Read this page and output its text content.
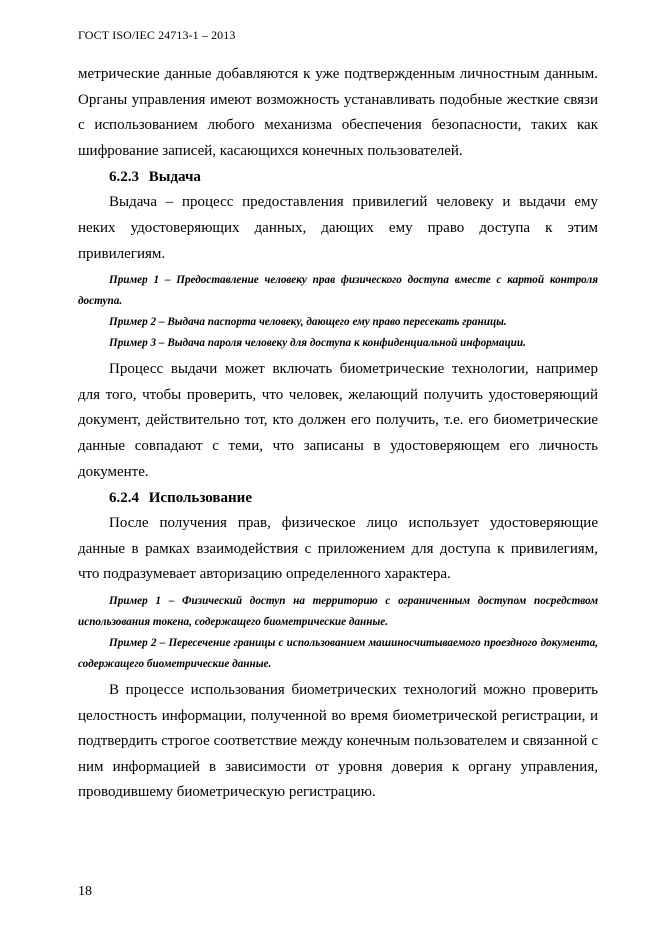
ГОСТ ISO/IEC 24713-1 – 2013

метрические данные добавляются к уже подтвержденным личностным данным. Органы управления имеют возможность устанавливать подобные жесткие связи с использованием любого механизма обеспечения безопасности, таких как шифрование записей, касающихся конечных пользователей.

6.2.3 Выдача

Выдача – процесс предоставления привилегий человеку и выдачи ему неких удостоверяющих данных, дающих ему право доступа к этим привилегиям.

Пример 1 – Предоставление человеку прав физического доступа вместе с картой контроля доступа.

Пример 2 – Выдача паспорта человеку, дающего ему право пересекать границы.

Пример 3 – Выдача пароля человеку для доступа к конфиденциальной информации.

Процесс выдачи может включать биометрические технологии, например для того, чтобы проверить, что человек, желающий получить удостоверяющий документ, действительно тот, кто должен его получить, т.е. его биометрические данные совпадают с теми, что записаны в удостоверяющем его личность документе.

6.2.4 Использование

После получения прав, физическое лицо использует удостоверяющие данные в рамках взаимодействия с приложением для доступа к привилегиям, что подразумевает авторизацию определенного характера.

Пример 1 – Физический доступ на территорию с ограниченным доступом посредством использования токена, содержащего биометрические данные.

Пример 2 – Пересечение границы с использованием машиносчитываемого проездного документа, содержащего биометрические данные.

В процессе использования биометрических технологий можно проверить целостность информации, полученной во время биометрической регистрации, и подтвердить строгое соответствие между конечным пользователем и связанной с ним информацией в зависимости от уровня доверия к органу управления, проводившему биометрическую регистрацию.

18
